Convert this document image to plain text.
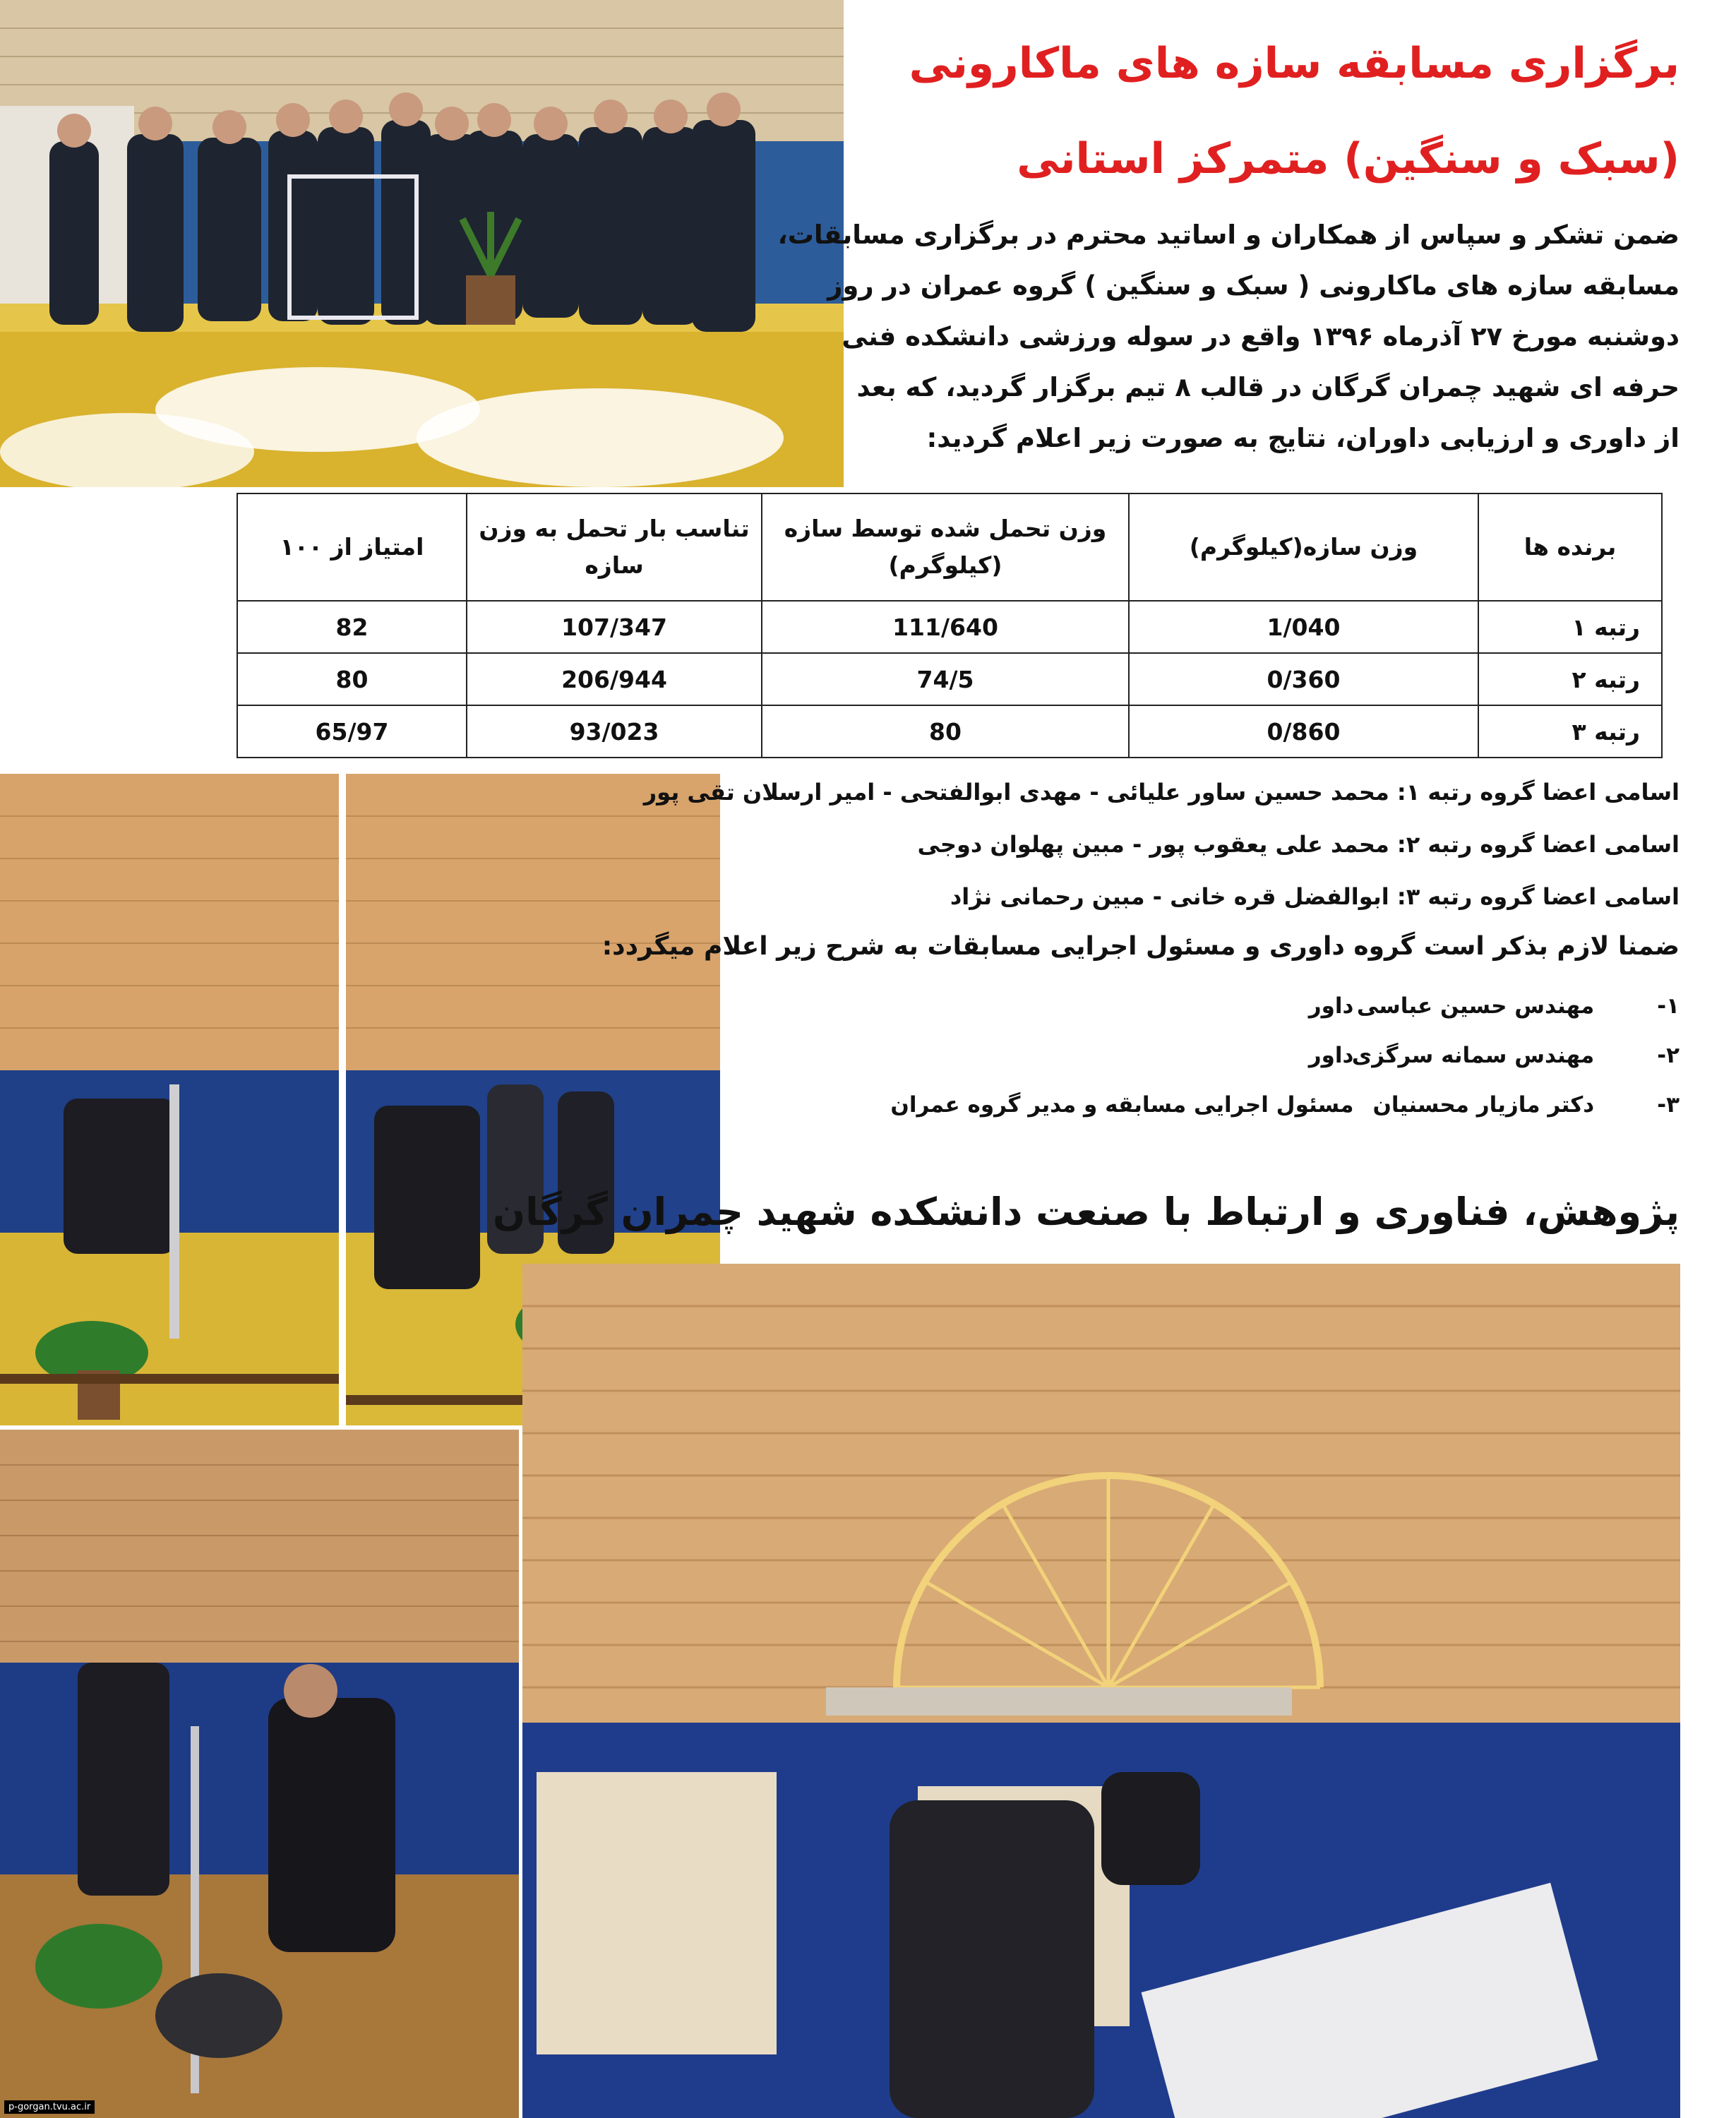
برگزاری مسابقه سازه های ماکارونی
(سبک و سنگین) متمرکز استانی
ضمن تشکر و سپاس از همکاران و اساتید محترم در برگزاری مسابقات،
مسابقه سازه های ماکارونی ( سبک و سنگین ) گروه عمران در روز
دوشنبه مورخ ۲۷ آذرماه ۱۳۹۶ واقع در سوله ورزشی دانشکده فنی
حرفه ای شهید چمران گرگان در قالب ۸ تیم برگزار گردید، که بعد
از داوری و ارزیابی داوران، نتایج به صورت زیر اعلام گردید:
برنده ها	وزن سازه(کیلوگرم)	وزن تحمل شده توسط سازه (کیلوگرم)	تناسب بار تحمل به وزن سازه	امتیاز از ۱۰۰
رتبه ۱	1/040	111/640	107/347	82
رتبه ۲	0/360	74/5	206/944	80
رتبه ۳	0/860	80	93/023	65/97
اسامی اعضا گروه رتبه ۱: محمد حسین ساور علیائی - مهدی ابوالفتحی - امیر ارسلان تقی پور
اسامی اعضا گروه رتبه ۲: محمد علی یعقوب پور - مبین پهلوان دوجی
اسامی اعضا گروه رتبه ۳: ابوالفضل قره خانی - مبین رحمانی نژاد
ضمنا لازم بذکر است گروه داوری و مسئول اجرایی مسابقات به شرح زیر اعلام میگردد:
۱- مهندس حسین عباسی داور
۲- مهندس سمانه سرگزی داور
۳- دکتر مازیار محسنیان مسئول اجرایی مسابقه و مدیر گروه عمران
پژوهش، فناوری و ارتباط با صنعت دانشکده شهید چمران گرگان
p-gorgan.tvu.ac.ir
